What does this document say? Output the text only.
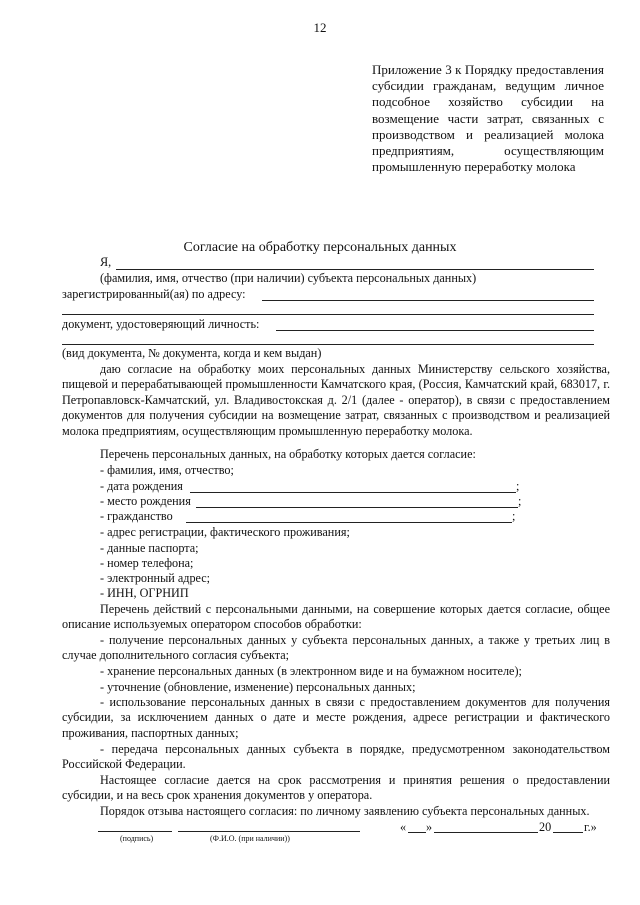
12
Приложение 3 к Порядку предоставления субсидии гражданам, ведущим личное подсобное хозяйство субсидии на возмещение части затрат, связанных с производством и реализацией молока предприятиям, осуществляющим промышленную переработку молока
Согласие на обработку персональных данных
Я,
(фамилия, имя, отчество (при наличии) субъекта персональных данных)
зарегистрированный(ая) по адресу:
документ, удостоверяющий личность:
(вид документа, № документа, когда и кем выдан)
даю согласие на обработку моих персональных данных Министерству сельского хозяйства, пищевой и перерабатывающей промышленности Камчатского края, (Россия, Камчатский край, 683017, г. Петропавловск-Камчатский, ул. Владивостокская д. 2/1 (далее - оператор), в связи с предоставлением документов для получения субсидии на возмещение затрат, связанных с производством и реализацией молока предприятиям, осуществляющим промышленную переработку молока.
Перечень персональных данных, на обработку которых дается согласие:
- фамилия, имя, отчество;
- дата рождения	;
- место рождения	;
- гражданство	;
- адрес регистрации, фактического проживания;
- данные паспорта;
- номер телефона;
- электронный адрес;
- ИНН, ОГРНИП
Перечень действий с персональными данными, на совершение которых дается согласие, общее описание используемых оператором способов обработки:
- получение персональных данных у субъекта персональных данных, а также у третьих лиц в случае дополнительного согласия субъекта;
- хранение персональных данных (в электронном виде и на бумажном носителе);
- уточнение (обновление, изменение) персональных данных;
- использование персональных данных в связи с предоставлением документов для получения субсидии, за исключением данных о дате и месте рождения, адресе регистрации и фактического проживания, паспортных данных;
- передача персональных данных субъекта в порядке, предусмотренном законодательством Российской Федерации.
Настоящее согласие дается на срок рассмотрения и принятия решения о предоставлении субсидии, и на весь срок хранения документов у оператора.
Порядок отзыва настоящего согласия: по личному заявлению субъекта персональных данных.
(подпись)	(Ф.И.О. (при наличии))
« »	20	г.»
